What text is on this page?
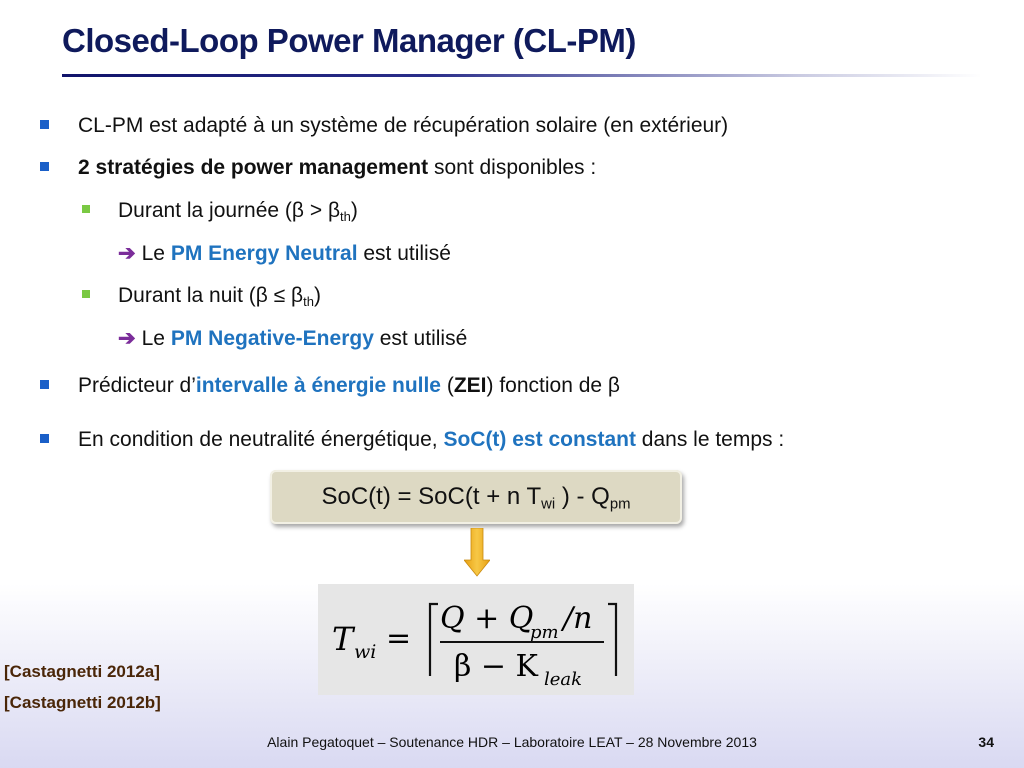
Closed-Loop Power Manager (CL-PM)
CL-PM est adapté à un système de récupération solaire (en extérieur)
2 stratégies de power management sont disponibles :
Durant la journée $(\beta > \beta_{th})$
➔ Le PM Energy Neutral est utilisé
Durant la nuit $(\beta \le \beta_{th})$
➔ Le PM Negative-Energy est utilisé
Prédicteur d’intervalle à énergie nulle (ZEI) fonction de β
En condition de neutralité énergétique, SoC(t) est constant dans le temps :
SoC(t) = SoC(t + n $T_{wi}$ ) - $Q_{pm}$
T wi =
Q + Q
pm /n
β − K leak
[Castagnetti 2012a]
[Castagnetti 2012b]
Alain Pegatoquet – Soutenance HDR – Laboratoire LEAT – 28 Novembre 2013	34
